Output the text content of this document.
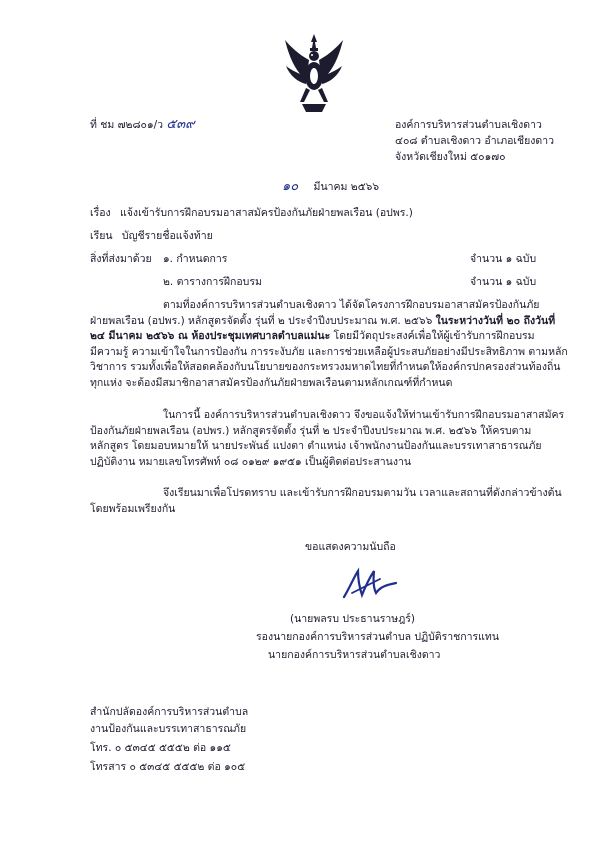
ที่ ชม ๗๒๘๐๑/ว ๕๓๙	องค์การบริหารส่วนตำบลเชิงดาว
๔๐๘ ตำบลเชิงดาว อำเภอเชียงดาว
จังหวัดเชียงใหม่ ๕๐๑๗๐
๑๐ มีนาคม ๒๕๖๖
เรื่อง แจ้งเข้ารับการฝึกอบรมอาสาสมัครป้องกันภัยฝ่ายพลเรือน (อปพร.)
เรียน บัญชีรายชื่อแจ้งท้าย
สิ่งที่ส่งมาด้วย ๑. กำหนดการ	จำนวน ๑ ฉบับ
๒. ตารางการฝึกอบรม	จำนวน ๑ ฉบับ
ตามที่องค์การบริหารส่วนตำบลเชิงดาว ได้จัดโครงการฝึกอบรมอาสาสมัครป้องกันภัย
ฝ่ายพลเรือน (อปพร.) หลักสูตรจัดตั้ง รุ่นที่ ๒ ประจำปีงบประมาณ พ.ศ. ๒๕๖๖ ในระหว่างวันที่ ๒๐ ถึงวันที่
๒๔ มีนาคม ๒๕๖๖ ณ ห้องประชุมเทศบาลตำบลแม่นะ โดยมีวัตถุประสงค์เพื่อให้ผู้เข้ารับการฝึกอบรม
มีความรู้ ความเข้าใจในการป้องกัน การระงับภัย และการช่วยเหลือผู้ประสบภัยอย่างมีประสิทธิภาพ ตามหลัก
วิชาการ รวมทั้งเพื่อให้สอดคล้องกับนโยบายของกระทรวงมหาดไทยที่กำหนดให้องค์กรปกครองส่วนท้องถิ่น
ทุกแห่ง จะต้องมีสมาชิกอาสาสมัครป้องกันภัยฝ่ายพลเรือนตามหลักเกณฑ์ที่กำหนด
ในการนี้ องค์การบริหารส่วนตำบลเชิงดาว จึงขอแจ้งให้ท่านเข้ารับการฝึกอบรมอาสาสมัคร
ป้องกันภัยฝ่ายพลเรือน (อปพร.) หลักสูตรจัดตั้ง รุ่นที่ ๒ ประจำปีงบประมาณ พ.ศ. ๒๕๖๖ ให้ครบตาม
หลักสูตร โดยมอบหมายให้ นายประพันธ์ แปงตา ตำแหน่ง เจ้าพนักงานป้องกันและบรรเทาสาธารณภัย
ปฏิบัติงาน หมายเลขโทรศัพท์ ๐๘ ๐๑๒๙ ๑๙๕๑ เป็นผู้ติดต่อประสานงาน
จึงเรียนมาเพื่อโปรดทราบ และเข้ารับการฝึกอบรมตามวัน เวลาและสถานที่ดังกล่าวข้างต้น
โดยพร้อมเพรียงกัน
ขอแสดงความนับถือ
(นายพลรบ ประธานราษฎร์)
รองนายกองค์การบริหารส่วนตำบล ปฏิบัติราชการแทน
นายกองค์การบริหารส่วนตำบลเชิงดาว
สำนักปลัดองค์การบริหารส่วนตำบล
งานป้องกันและบรรเทาสาธารณภัย
โทร. ๐ ๕๓๔๕ ๕๕๕๒ ต่อ ๑๑๕
โทรสาร ๐ ๕๓๔๕ ๕๕๕๒ ต่อ ๑๐๕
